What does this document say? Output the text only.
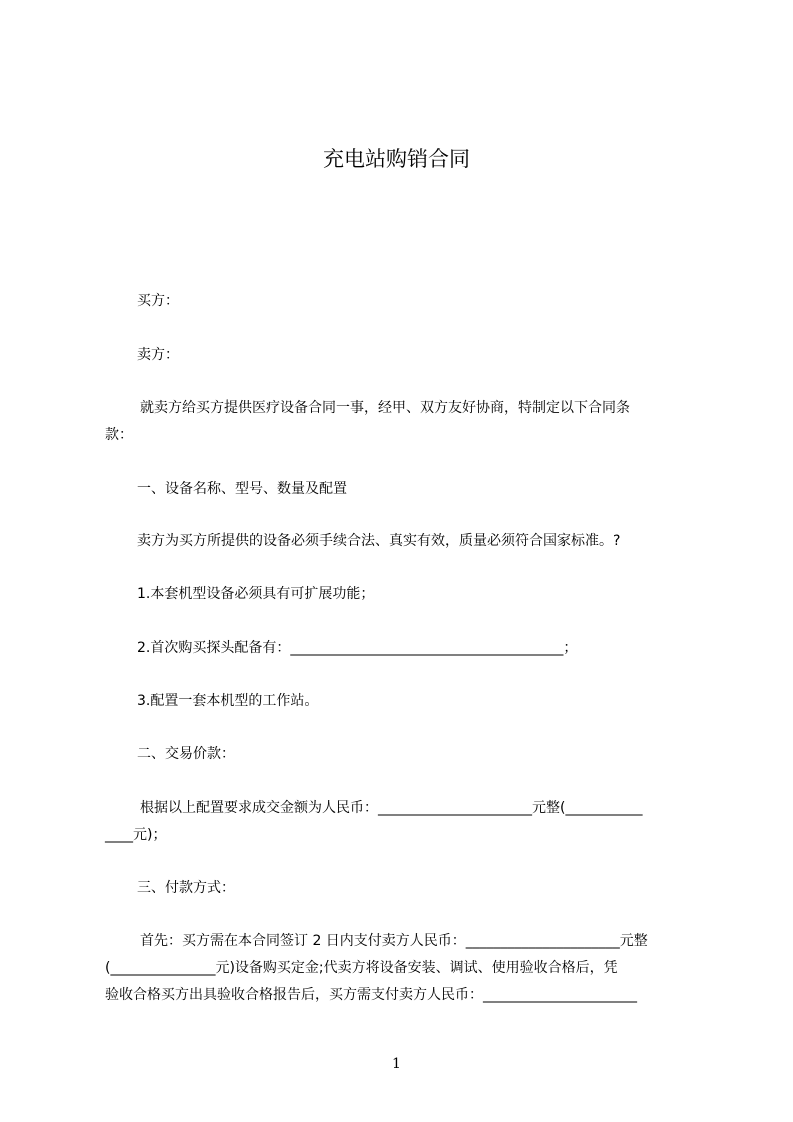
充电站购销合同
买方：
卖方：
就卖方给买方提供医疗设备合同一事，经甲、双方友好协商，特制定以下合同条
款：
一、设备名称、型号、数量及配置
卖方为买方所提供的设备必须手续合法、真实有效，质量必须符合国家标准。?
1.本套机型设备必须具有可扩展功能；
2.首次购买探头配备有：_______________________________________；
3.配置一套本机型的工作站。
二、交易价款：
根据以上配置要求成交金额为人民币：______________________元整(___________
____元)；
三、付款方式：
首先：买方需在本合同签订 2 日内支付卖方人民币：______________________元整
(_______________元)设备购买定金;代卖方将设备安装、调试、使用验收合格后，凭
验收合格买方出具验收合格报告后，买方需支付卖方人民币：______________________
1
